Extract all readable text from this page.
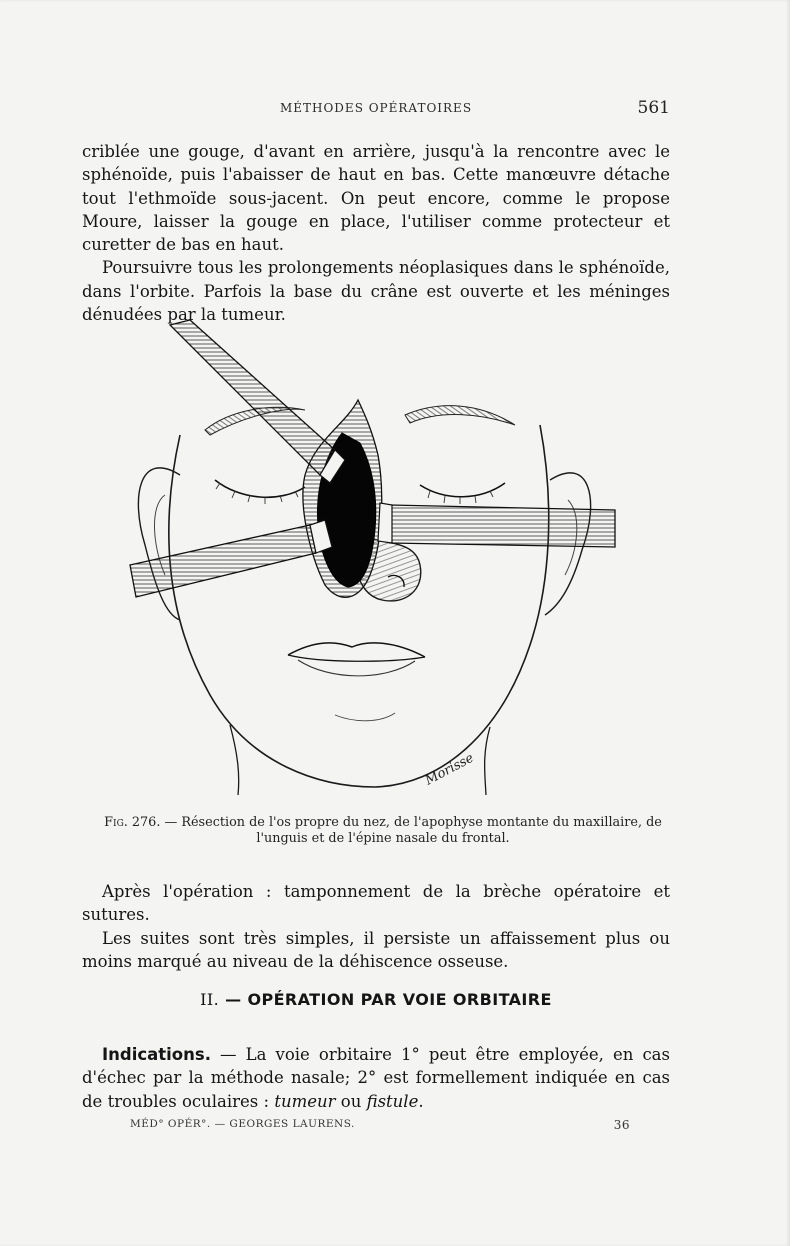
MÉTHODES OPÉRATOIRES	561

criblée une gouge, d'avant en arrière, jusqu'à la rencontre avec le sphénoïde, puis l'abaisser de haut en bas. Cette manœuvre détache tout l'ethmoïde sous-jacent. On peut encore, comme le propose Moure, laisser la gouge en place, l'utiliser comme protecteur et curetter de bas en haut.

Poursuivre tous les prolongements néoplasiques dans le sphénoïde, dans l'orbite. Parfois la base du crâne est ouverte et les méninges dénudées par la tumeur.

Morisse
Fig. 276. — Résection de l'os propre du nez, de l'apophyse montante du maxillaire, de l'unguis et de l'épine nasale du frontal.

Après l'opération : tamponnement de la brèche opératoire et sutures.

Les suites sont très simples, il persiste un affaissement plus ou moins marqué au niveau de la déhiscence osseuse.

II. — OPÉRATION PAR VOIE ORBITAIRE

Indications. — La voie orbitaire 1° peut être employée, en cas d'échec par la méthode nasale; 2° est formellement indiquée en cas de troubles oculaires : tumeur ou fistule.

MÉD° OPÉR°. — GEORGES LAURENS.	36
